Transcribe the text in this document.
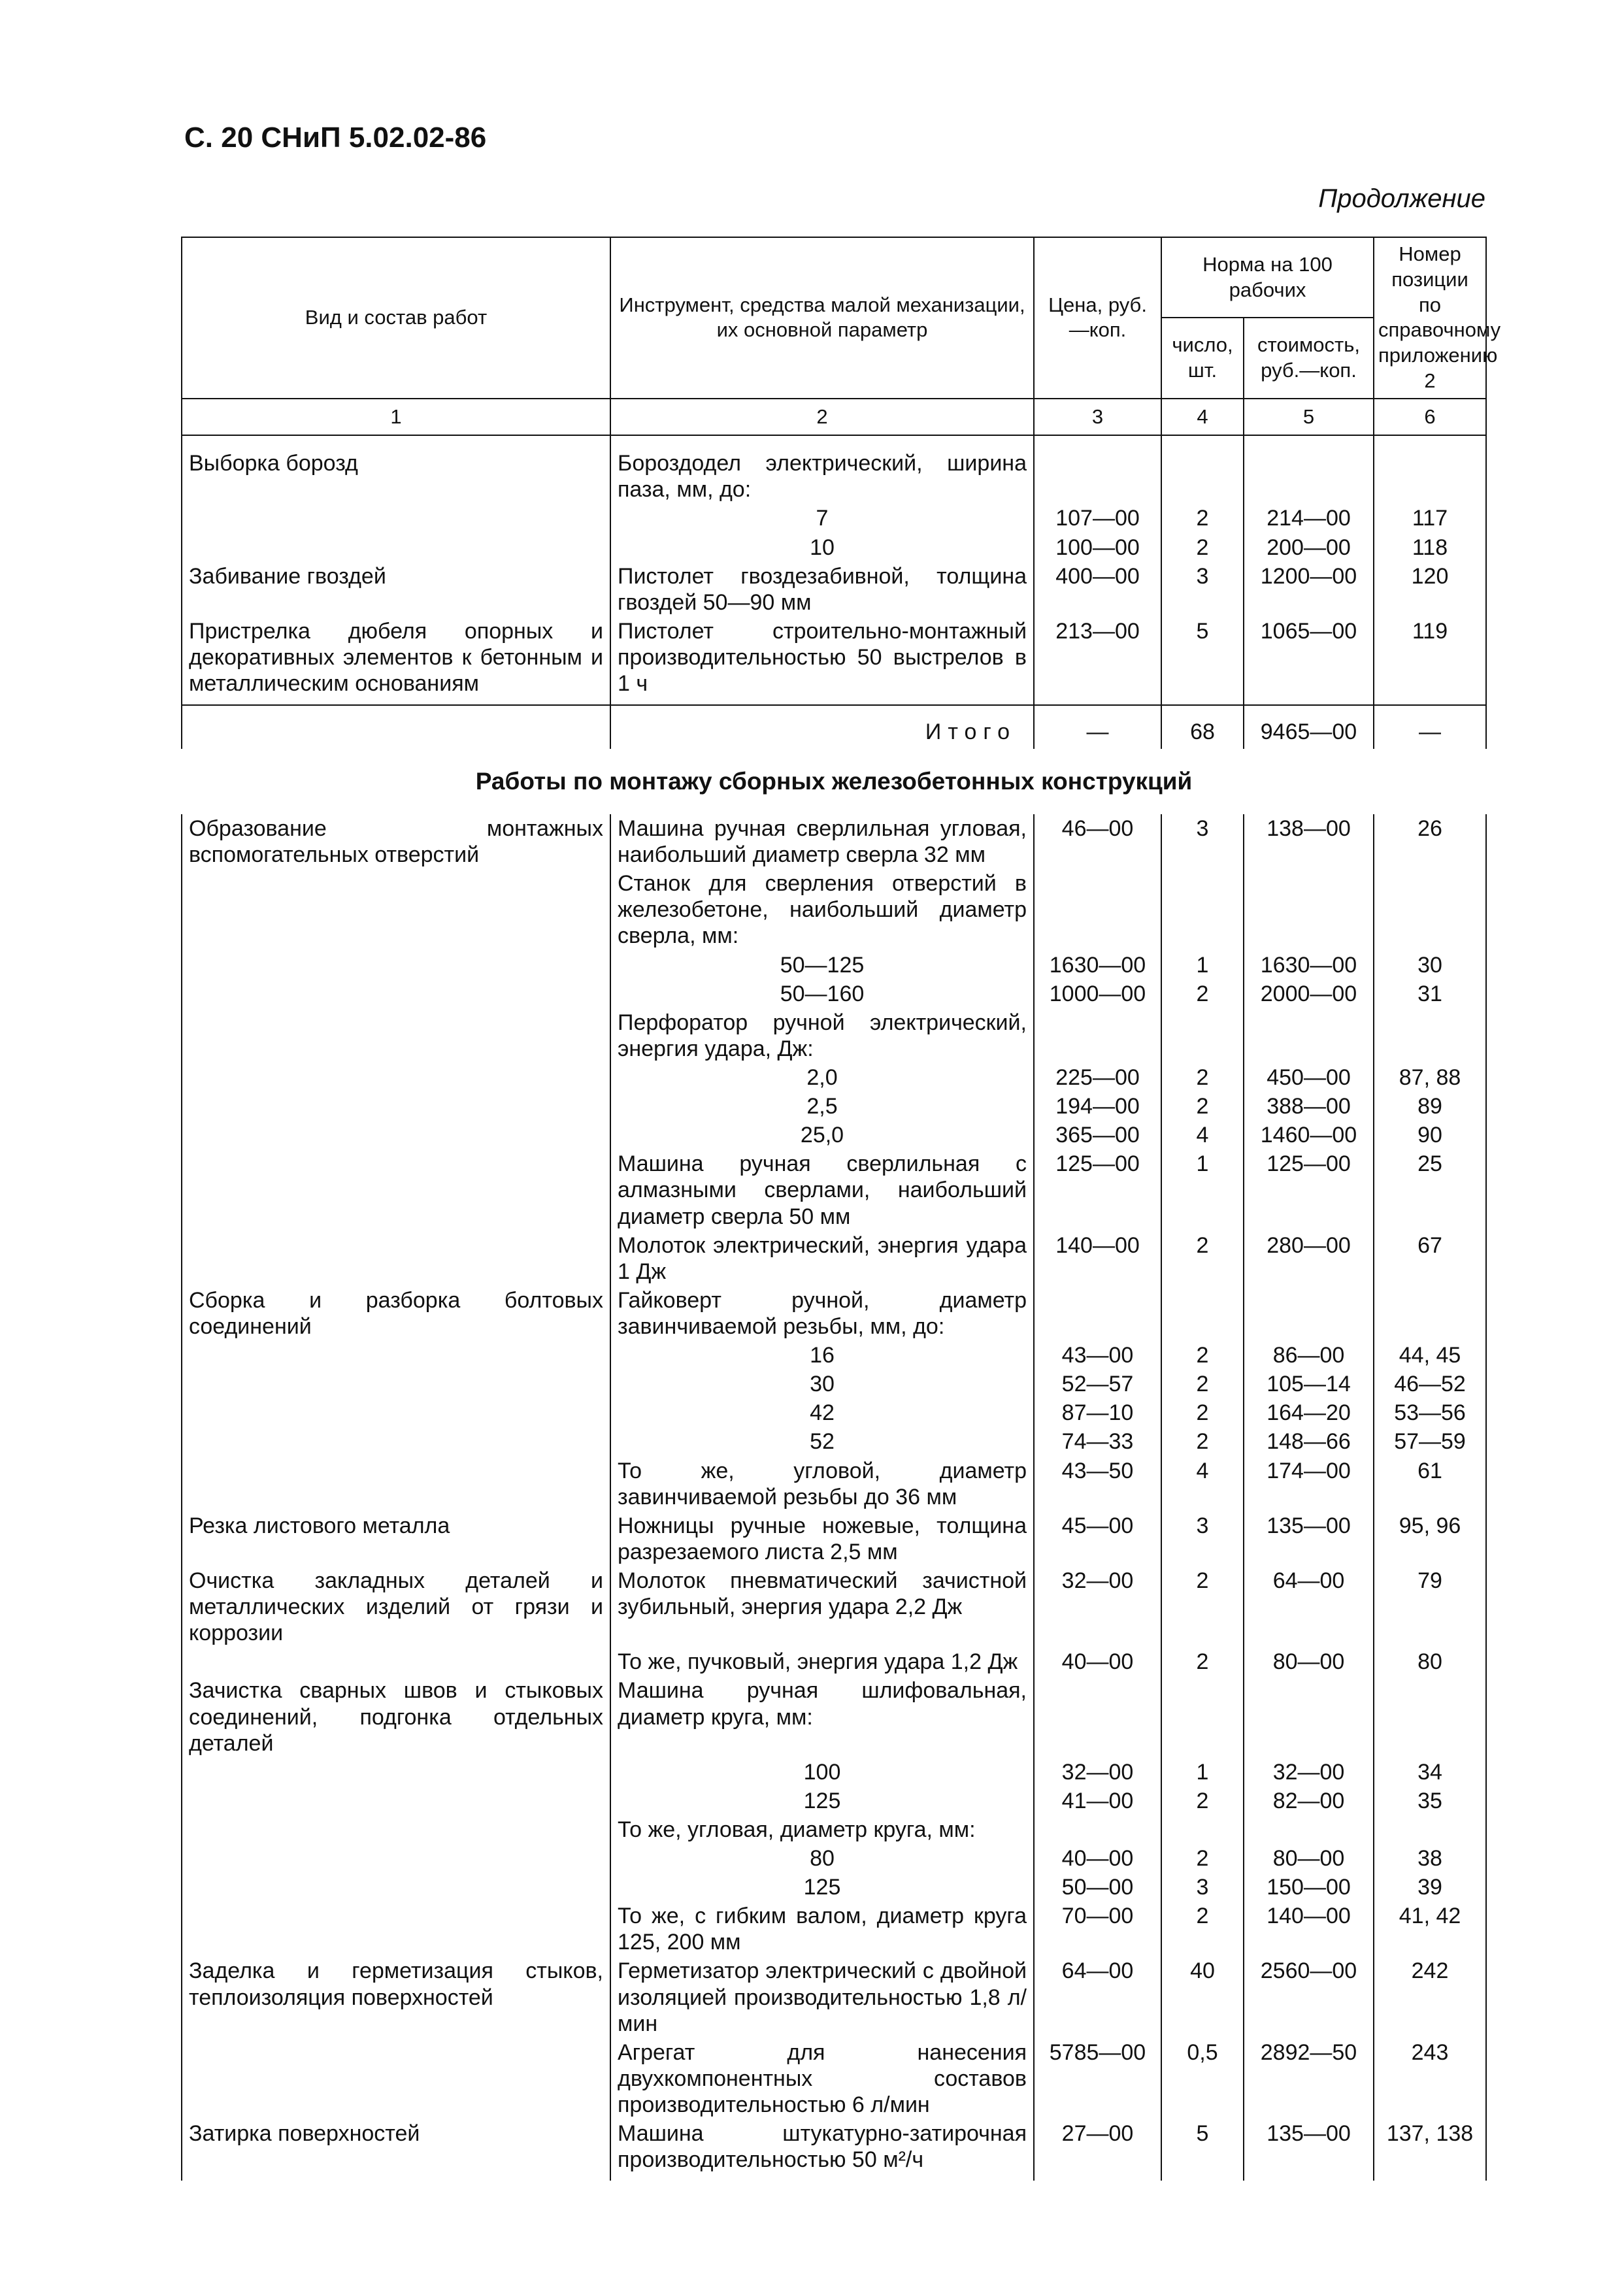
С. 20 СНиП 5.02.02-86
Продолжение
Вид и состав работ	Инструмент, средства малой механизации, их основной параметр	Цена, руб.—коп.	Норма на 100 рабочих		Номер позиции по справочному приложению 2
			число, шт.	стоимость, руб.—коп.	
1	2	3	4	5	6
Выборка борозд	Бороздодел электрический, ширина паза, мм, до:				
	7	107—00	2	214—00	117
	10	100—00	2	200—00	118
Забивание гвоздей	Пистолет гвоздезабивной, толщина гвоздей 50—90 мм	400—00	3	1200—00	120
Пристрелка дюбеля опорных и декоративных элементов к бетонным и металлическим основаниям	Пистолет строительно-монтажный производительностью 50 выстрелов в 1 ч	213—00	5	1065—00	119
	Итого	—	68	9465—00	—
Работы по монтажу сборных железобетонных конструкций					
Образование монтажных вспомогательных отверстий	Машина ручная сверлильная угловая, наибольший диаметр сверла 32 мм	46—00	3	138—00	26
	Станок для сверления отверстий в железобетоне, наибольший диаметр сверла, мм:				
	50—125	1630—00	1	1630—00	30
	50—160	1000—00	2	2000—00	31
	Перфоратор ручной электрический, энергия удара, Дж:				
	2,0	225—00	2	450—00	87, 88
	2,5	194—00	2	388—00	89
	25,0	365—00	4	1460—00	90
	Машина ручная сверлильная с алмазными сверлами, наибольший диаметр сверла 50 мм	125—00	1	125—00	25
	Молоток электрический, энергия удара 1 Дж	140—00	2	280—00	67
Сборка и разборка болтовых соединений	Гайковерт ручной, диаметр завинчиваемой резьбы, мм, до:				
	16	43—00	2	86—00	44, 45
	30	52—57	2	105—14	46—52
	42	87—10	2	164—20	53—56
	52	74—33	2	148—66	57—59
	То же, угловой, диаметр завинчиваемой резьбы до 36 мм	43—50	4	174—00	61
Резка листового металла	Ножницы ручные ножевые, толщина разрезаемого листа 2,5 мм	45—00	3	135—00	95, 96
Очистка закладных деталей и металлических изделий от грязи и коррозии	Молоток пневматический зачистной зубильный, энергия удара 2,2 Дж	32—00	2	64—00	79
	То же, пучковый, энергия удара 1,2 Дж	40—00	2	80—00	80
Зачистка сварных швов и стыковых соединений, подгонка отдельных деталей	Машина ручная шлифовальная, диаметр круга, мм:				
	100	32—00	1	32—00	34
	125	41—00	2	82—00	35
	То же, угловая, диаметр круга, мм:				
	80	40—00	2	80—00	38
	125	50—00	3	150—00	39
	То же, с гибким валом, диаметр круга 125, 200 мм	70—00	2	140—00	41, 42
Заделка и герметизация стыков, теплоизоляция поверхностей	Герметизатор электрический с двойной изоляцией производительностью 1,8 л/мин	64—00	40	2560—00	242
	Агрегат для нанесения двухкомпонентных составов производительностью 6 л/мин	5785—00	0,5	2892—50	243
Затирка поверхностей	Машина штукатурно-затирочная производительностью 50 м²/ч	27—00	5	135—00	137, 138
